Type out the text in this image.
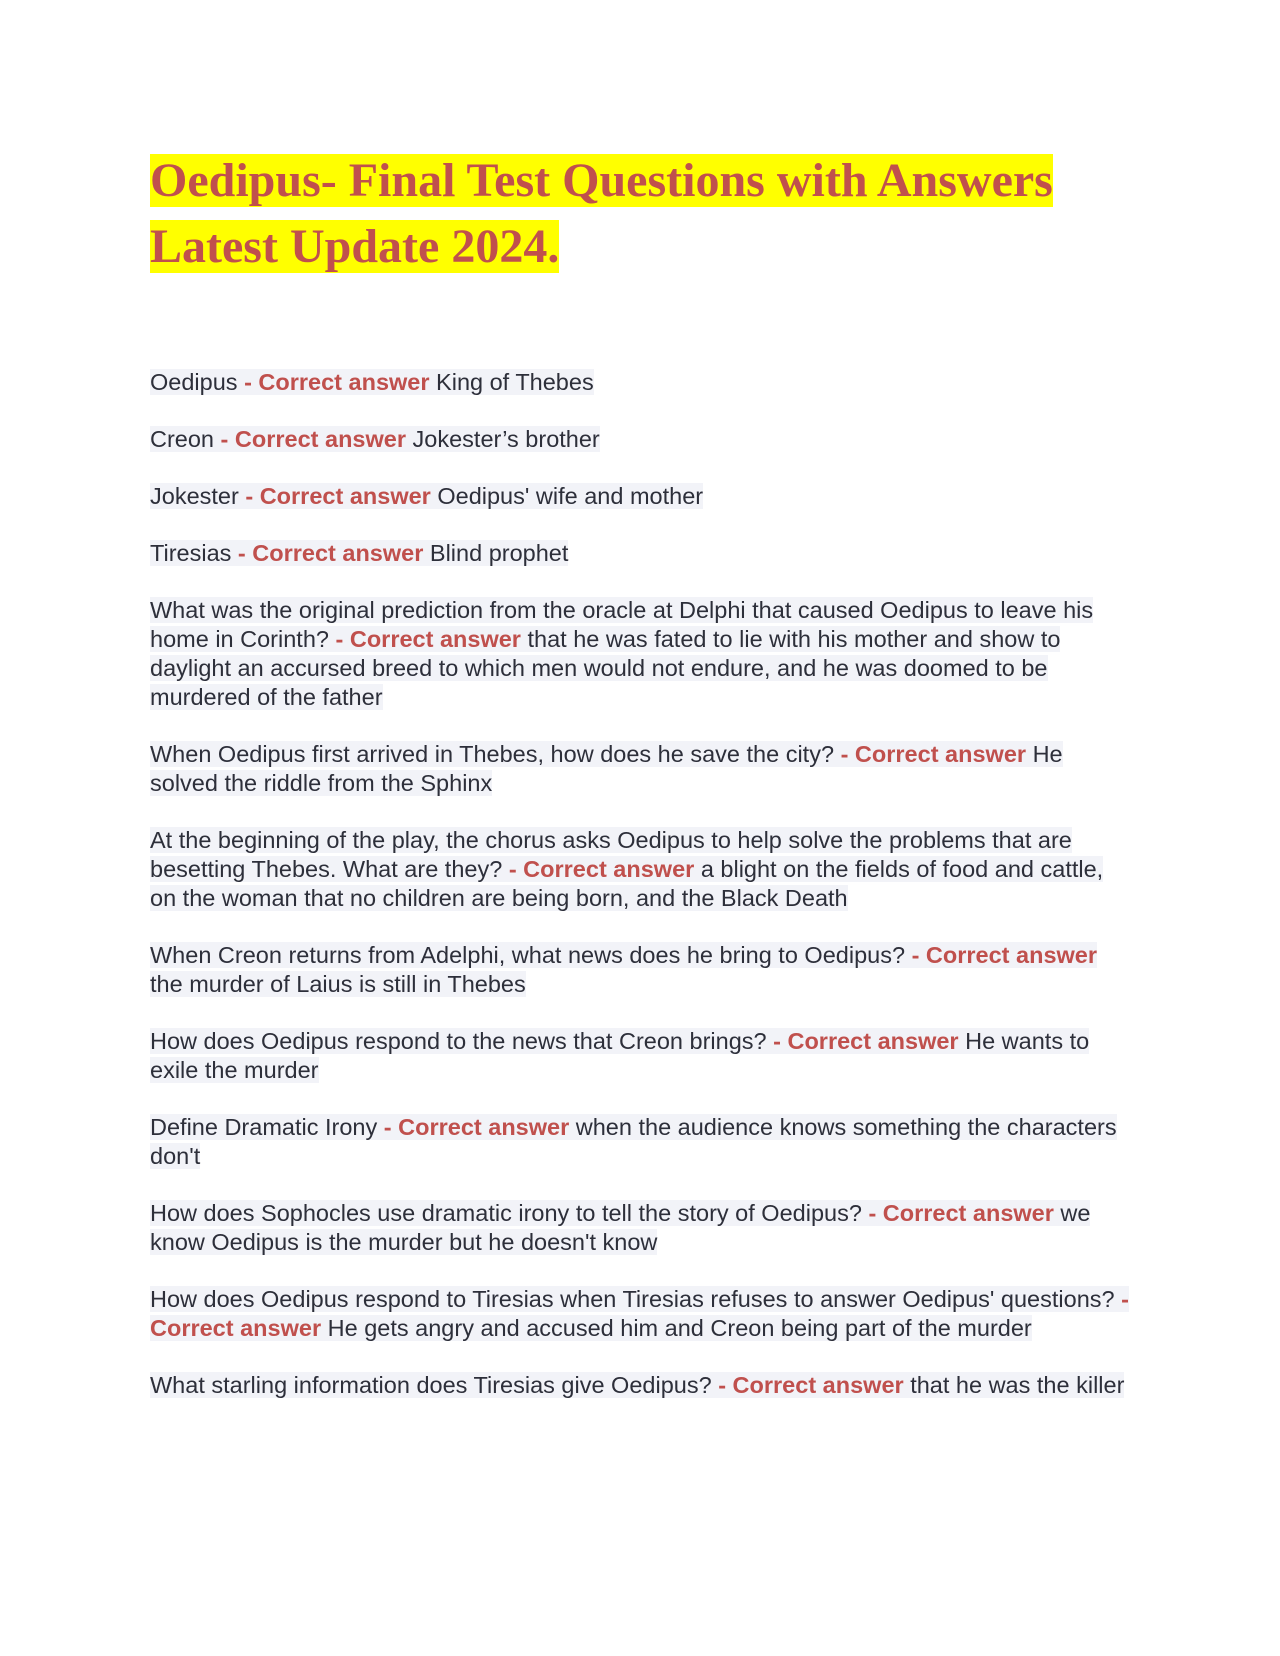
Oedipus- Final Test Questions with Answers
Latest Update 2024.

Oedipus - Correct answer King of Thebes

Creon - Correct answer Jokester’s brother

Jokester - Correct answer Oedipus' wife and mother

Tiresias - Correct answer Blind prophet

What was the original prediction from the oracle at Delphi that caused Oedipus to leave his home in Corinth? - Correct answer that he was fated to lie with his mother and show to daylight an accursed breed to which men would not endure, and he was doomed to be murdered of the father

When Oedipus first arrived in Thebes, how does he save the city? - Correct answer He solved the riddle from the Sphinx

At the beginning of the play, the chorus asks Oedipus to help solve the problems that are besetting Thebes. What are they? - Correct answer a blight on the fields of food and cattle, on the woman that no children are being born, and the Black Death

When Creon returns from Adelphi, what news does he bring to Oedipus? - Correct answer the murder of Laius is still in Thebes

How does Oedipus respond to the news that Creon brings? - Correct answer He wants to exile the murder

Define Dramatic Irony - Correct answer when the audience knows something the characters don't

How does Sophocles use dramatic irony to tell the story of Oedipus? - Correct answer we know Oedipus is the murder but he doesn't know

How does Oedipus respond to Tiresias when Tiresias refuses to answer Oedipus' questions? - Correct answer He gets angry and accused him and Creon being part of the murder

What starling information does Tiresias give Oedipus? - Correct answer that he was the killer
